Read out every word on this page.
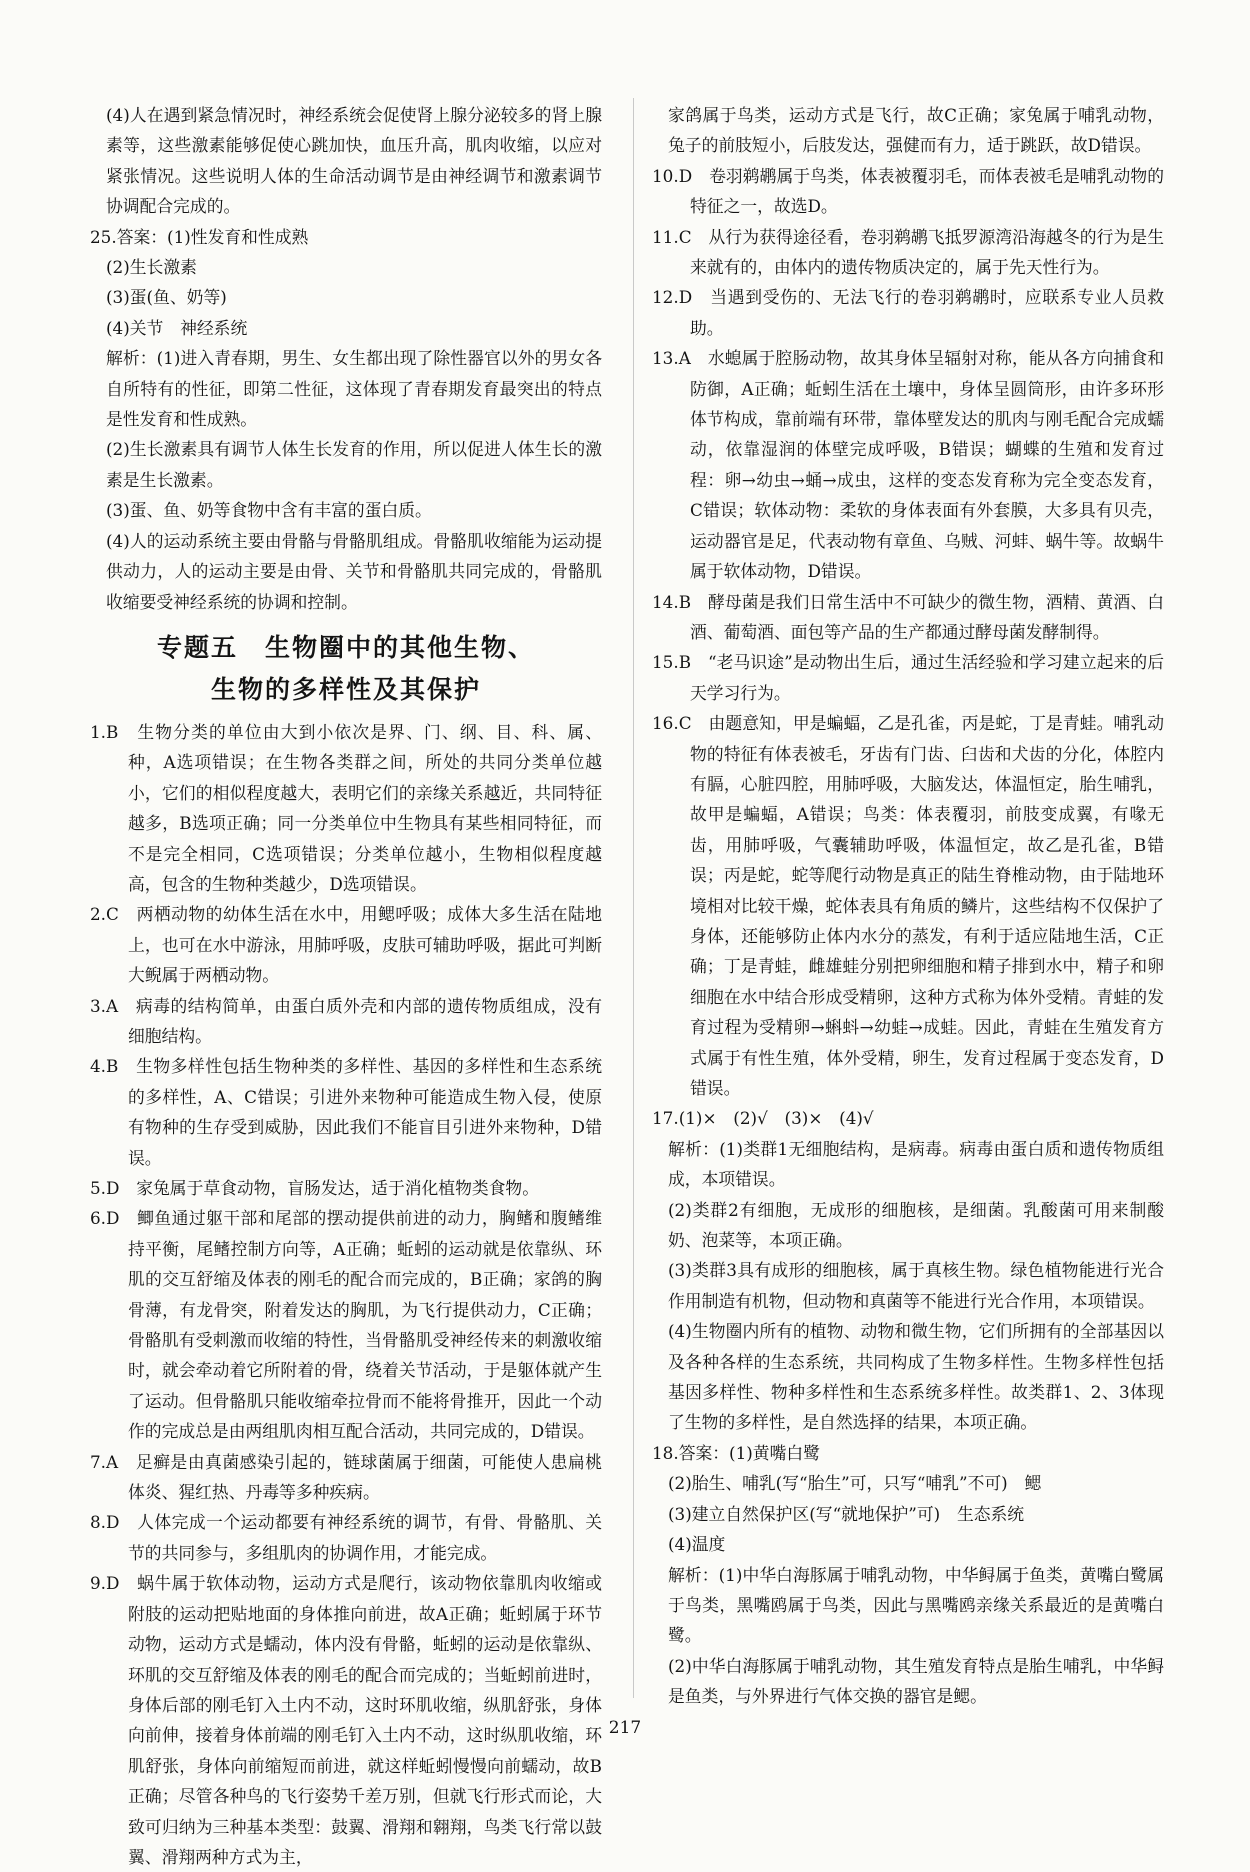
(4)人在遇到紧急情况时，神经系统会促使肾上腺分泌较多的肾上腺素等，这些激素能够促使心跳加快，血压升高，肌肉收缩，以应对紧张情况。这些说明人体的生命活动调节是由神经调节和激素调节协调配合完成的。

25.答案：(1)性发育和性成熟

(2)生长激素

(3)蛋(鱼、奶等)

(4)关节　神经系统

解析：(1)进入青春期，男生、女生都出现了除性器官以外的男女各自所特有的性征，即第二性征，这体现了青春期发育最突出的特点是性发育和性成熟。

(2)生长激素具有调节人体生长发育的作用，所以促进人体生长的激素是生长激素。

(3)蛋、鱼、奶等食物中含有丰富的蛋白质。

(4)人的运动系统主要由骨骼与骨骼肌组成。骨骼肌收缩能为运动提供动力，人的运动主要是由骨、关节和骨骼肌共同完成的，骨骼肌收缩要受神经系统的协调和控制。

专题五　生物圈中的其他生物、
生物的多样性及其保护

1.B　生物分类的单位由大到小依次是界、门、纲、目、科、属、种，A选项错误；在生物各类群之间，所处的共同分类单位越小，它们的相似程度越大，表明它们的亲缘关系越近，共同特征越多，B选项正确；同一分类单位中生物具有某些相同特征，而不是完全相同，C选项错误；分类单位越小，生物相似程度越高，包含的生物种类越少，D选项错误。

2.C　两栖动物的幼体生活在水中，用鳃呼吸；成体大多生活在陆地上，也可在水中游泳，用肺呼吸，皮肤可辅助呼吸，据此可判断大鲵属于两栖动物。

3.A　病毒的结构简单，由蛋白质外壳和内部的遗传物质组成，没有细胞结构。

4.B　生物多样性包括生物种类的多样性、基因的多样性和生态系统的多样性，A、C错误；引进外来物种可能造成生物入侵，使原有物种的生存受到威胁，因此我们不能盲目引进外来物种，D错误。

5.D　家兔属于草食动物，盲肠发达，适于消化植物类食物。

6.D　鲫鱼通过躯干部和尾部的摆动提供前进的动力，胸鳍和腹鳍维持平衡，尾鳍控制方向等，A正确；蚯蚓的运动就是依靠纵、环肌的交互舒缩及体表的刚毛的配合而完成的，B正确；家鸽的胸骨薄，有龙骨突，附着发达的胸肌，为飞行提供动力，C正确；骨骼肌有受刺激而收缩的特性，当骨骼肌受神经传来的刺激收缩时，就会牵动着它所附着的骨，绕着关节活动，于是躯体就产生了运动。但骨骼肌只能收缩牵拉骨而不能将骨推开，因此一个动作的完成总是由两组肌肉相互配合活动，共同完成的，D错误。

7.A　足癣是由真菌感染引起的，链球菌属于细菌，可能使人患扁桃体炎、猩红热、丹毒等多种疾病。

8.D　人体完成一个运动都要有神经系统的调节，有骨、骨骼肌、关节的共同参与，多组肌肉的协调作用，才能完成。

9.D　蜗牛属于软体动物，运动方式是爬行，该动物依靠肌肉收缩或附肢的运动把贴地面的身体推向前进，故A正确；蚯蚓属于环节动物，运动方式是蠕动，体内没有骨骼，蚯蚓的运动是依靠纵、环肌的交互舒缩及体表的刚毛的配合而完成的；当蚯蚓前进时，身体后部的刚毛钉入土内不动，这时环肌收缩，纵肌舒张，身体向前伸，接着身体前端的刚毛钉入土内不动，这时纵肌收缩，环肌舒张，身体向前缩短而前进，就这样蚯蚓慢慢向前蠕动，故B正确；尽管各种鸟的飞行姿势千差万别，但就飞行形式而论，大致可归纳为三种基本类型：鼓翼、滑翔和翱翔，鸟类飞行常以鼓翼、滑翔两种方式为主，

家鸽属于鸟类，运动方式是飞行，故C正确；家兔属于哺乳动物，兔子的前肢短小，后肢发达，强健而有力，适于跳跃，故D错误。

10.D　卷羽鹈鹕属于鸟类，体表被覆羽毛，而体表被毛是哺乳动物的特征之一，故选D。

11.C　从行为获得途径看，卷羽鹈鹕飞抵罗源湾沿海越冬的行为是生来就有的，由体内的遗传物质决定的，属于先天性行为。

12.D　当遇到受伤的、无法飞行的卷羽鹈鹕时，应联系专业人员救助。

13.A　水螅属于腔肠动物，故其身体呈辐射对称，能从各方向捕食和防御，A正确；蚯蚓生活在土壤中，身体呈圆筒形，由许多环形体节构成，靠前端有环带，靠体壁发达的肌肉与刚毛配合完成蠕动，依靠湿润的体壁完成呼吸，B错误；蝴蝶的生殖和发育过程：卵→幼虫→蛹→成虫，这样的变态发育称为完全变态发育，C错误；软体动物：柔软的身体表面有外套膜，大多具有贝壳，运动器官是足，代表动物有章鱼、乌贼、河蚌、蜗牛等。故蜗牛属于软体动物，D错误。

14.B　酵母菌是我们日常生活中不可缺少的微生物，酒精、黄酒、白酒、葡萄酒、面包等产品的生产都通过酵母菌发酵制得。

15.B　“老马识途”是动物出生后，通过生活经验和学习建立起来的后天学习行为。

16.C　由题意知，甲是蝙蝠，乙是孔雀，丙是蛇，丁是青蛙。哺乳动物的特征有体表被毛，牙齿有门齿、臼齿和犬齿的分化，体腔内有膈，心脏四腔，用肺呼吸，大脑发达，体温恒定，胎生哺乳，故甲是蝙蝠，A错误；鸟类：体表覆羽，前肢变成翼，有喙无齿，用肺呼吸，气囊辅助呼吸，体温恒定，故乙是孔雀，B错误；丙是蛇，蛇等爬行动物是真正的陆生脊椎动物，由于陆地环境相对比较干燥，蛇体表具有角质的鳞片，这些结构不仅保护了身体，还能够防止体内水分的蒸发，有利于适应陆地生活，C正确；丁是青蛙，雌雄蛙分别把卵细胞和精子排到水中，精子和卵细胞在水中结合形成受精卵，这种方式称为体外受精。青蛙的发育过程为受精卵→蝌蚪→幼蛙→成蛙。因此，青蛙在生殖发育方式属于有性生殖，体外受精，卵生，发育过程属于变态发育，D错误。

17.(1)×　(2)√　(3)×　(4)√

解析：(1)类群1无细胞结构，是病毒。病毒由蛋白质和遗传物质组成，本项错误。

(2)类群2有细胞，无成形的细胞核，是细菌。乳酸菌可用来制酸奶、泡菜等，本项正确。

(3)类群3具有成形的细胞核，属于真核生物。绿色植物能进行光合作用制造有机物，但动物和真菌等不能进行光合作用，本项错误。

(4)生物圈内所有的植物、动物和微生物，它们所拥有的全部基因以及各种各样的生态系统，共同构成了生物多样性。生物多样性包括基因多样性、物种多样性和生态系统多样性。故类群1、2、3体现了生物的多样性，是自然选择的结果，本项正确。

18.答案：(1)黄嘴白鹭

(2)胎生、哺乳(写“胎生”可，只写“哺乳”不可)　鳃

(3)建立自然保护区(写“就地保护”可)　生态系统

(4)温度

解析：(1)中华白海豚属于哺乳动物，中华鲟属于鱼类，黄嘴白鹭属于鸟类，黑嘴鸥属于鸟类，因此与黑嘴鸥亲缘关系最近的是黄嘴白鹭。

(2)中华白海豚属于哺乳动物，其生殖发育特点是胎生哺乳，中华鲟是鱼类，与外界进行气体交换的器官是鳃。

217
